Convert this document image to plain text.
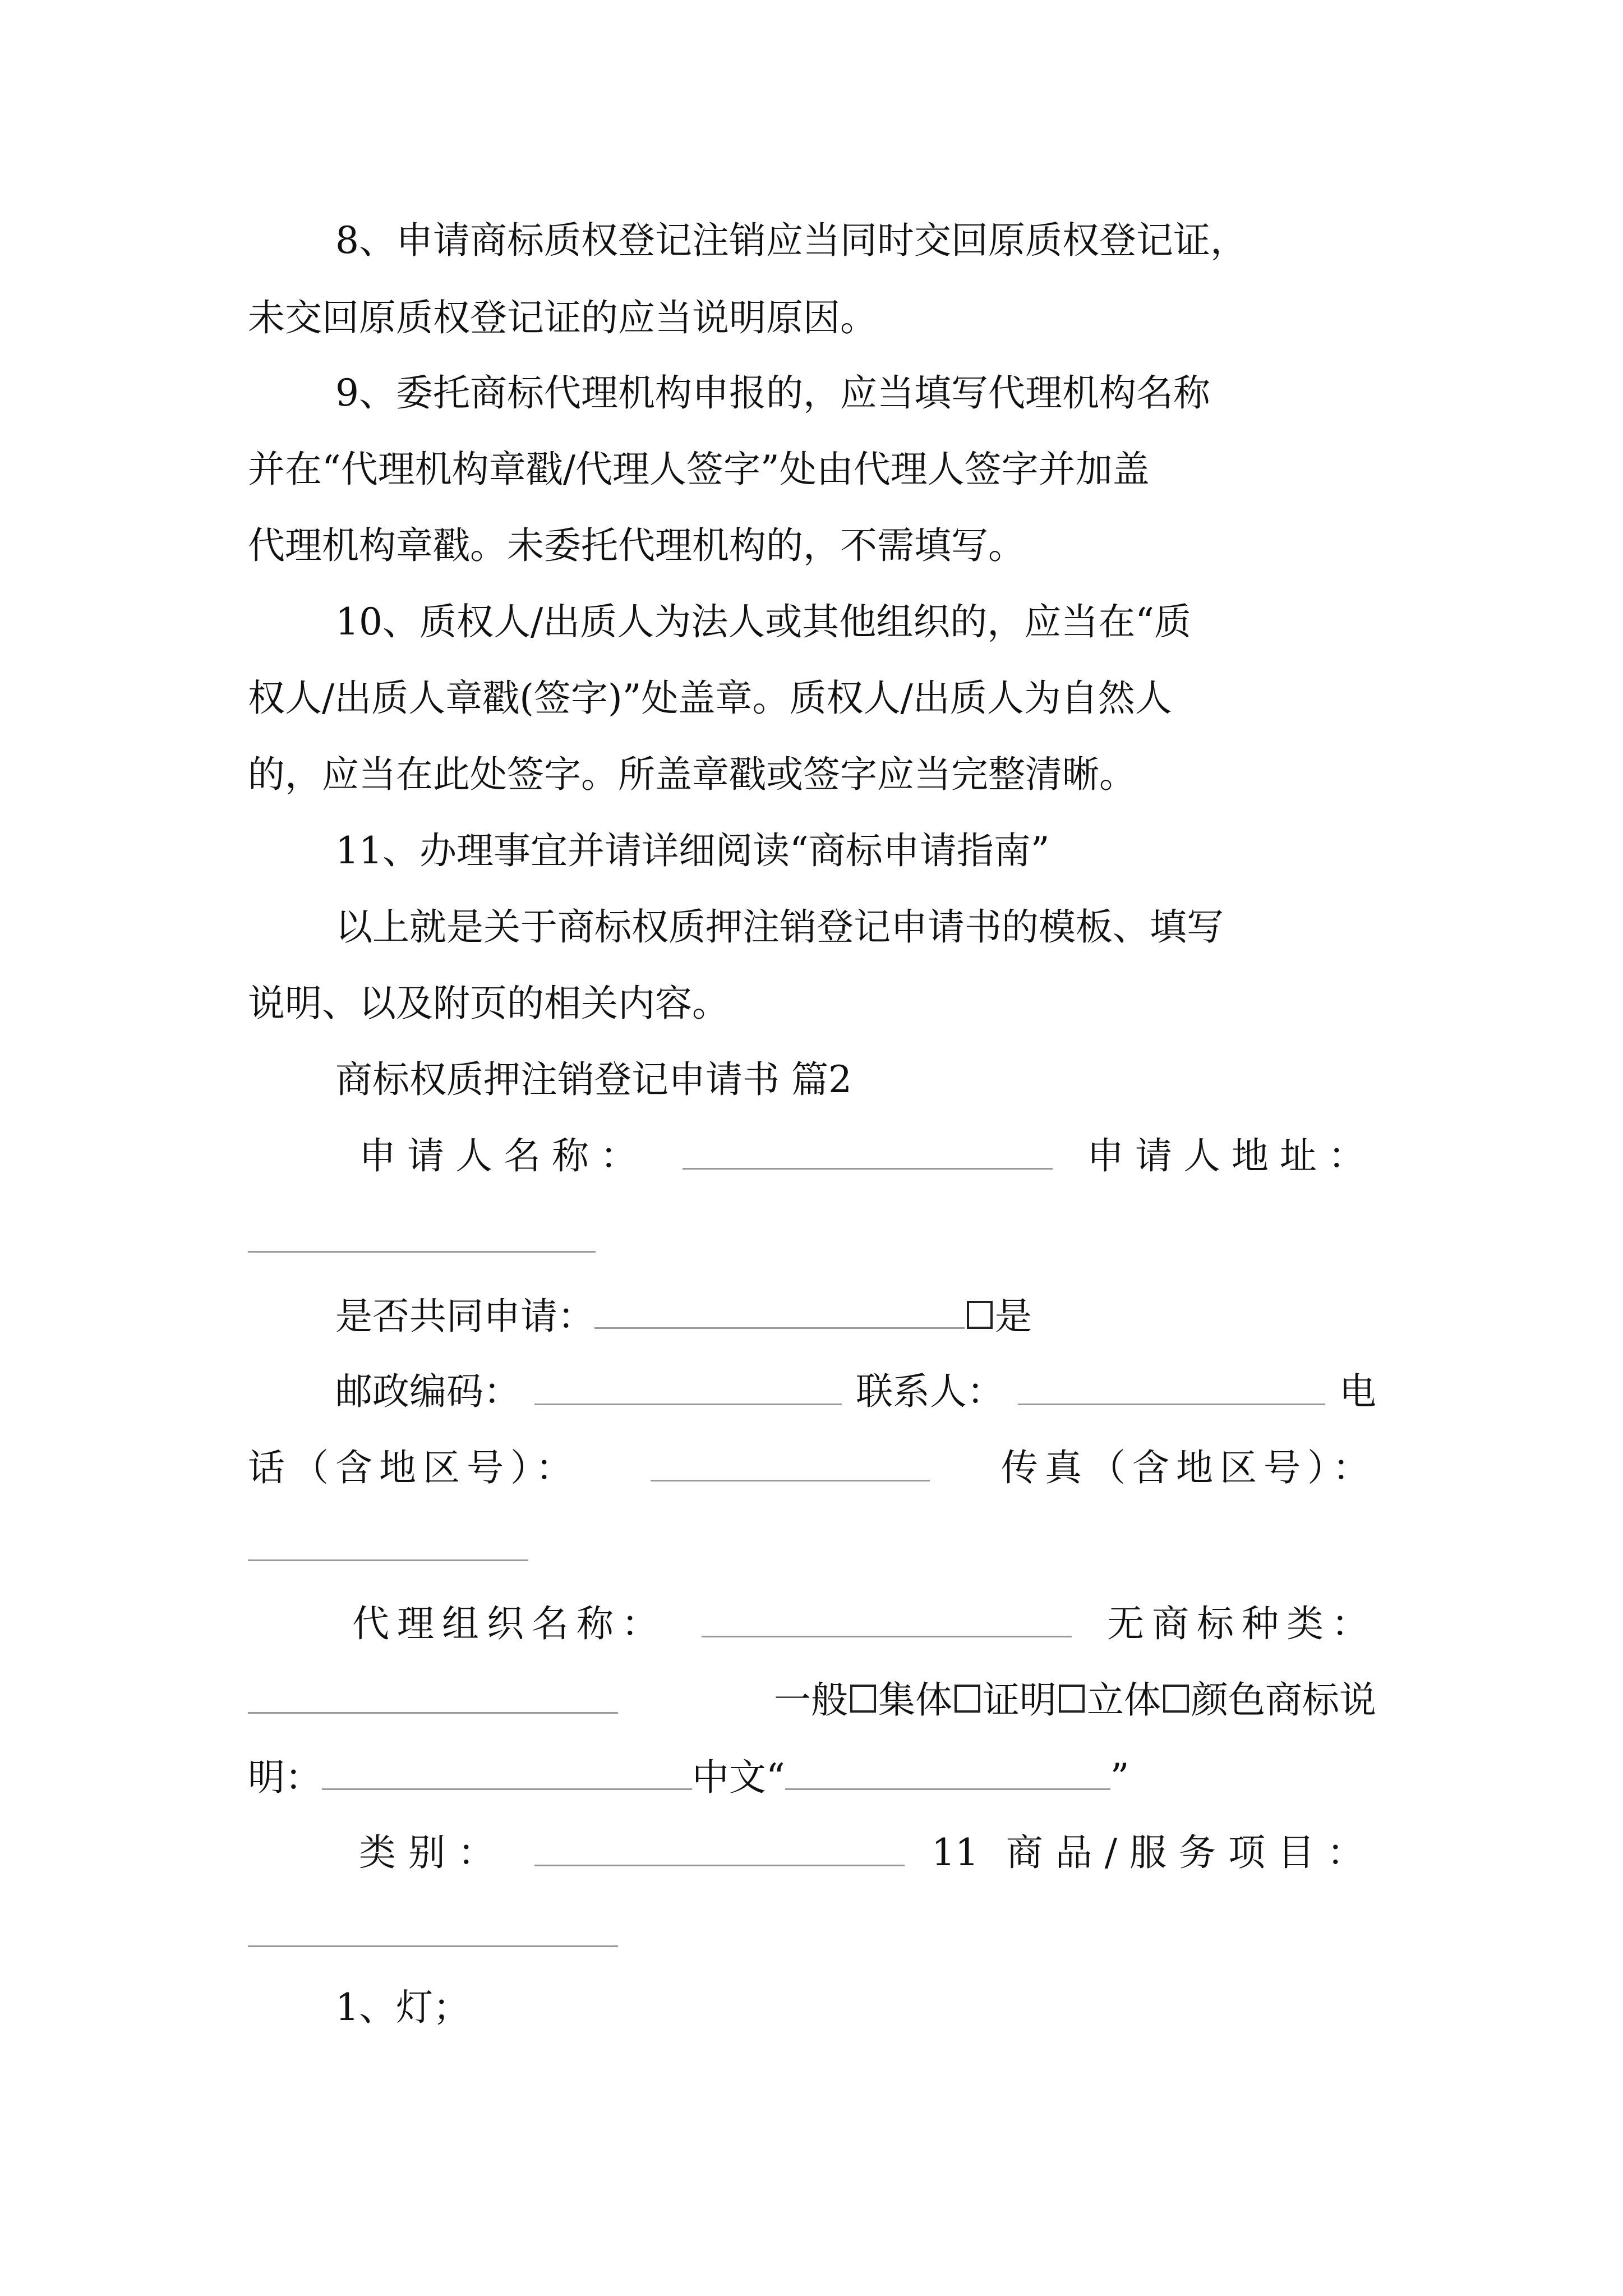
8、申请商标质权登记注销应当同时交回原质权登记证，
未交回原质权登记证的应当说明原因。
9、委托商标代理机构申报的，应当填写代理机构名称
并在“代理机构章戳/代理人签字”处由代理人签字并加盖
代理机构章戳。未委托代理机构的，不需填写。
10、质权人/出质人为法人或其他组织的，应当在“质
权人/出质人章戳(签字)”处盖章。质权人/出质人为自然人
的，应当在此处签字。所盖章戳或签字应当完整清晰。
11、办理事宜并请详细阅读“商标申请指南”
以上就是关于商标权质押注销登记申请书的模板、填写
说明、以及附页的相关内容。
商标权质押注销登记申请书 篇2
申请人名称：	申请人地址：
是否共同申请：	是
邮政编码：	联系人：	电
话（含地区号）：	传真（含地区号）：
代理组织名称：	无商标种类：
一般 集体 证明 立体 颜色商标说
明：	中文“	”
类别：	11 商品/服务项目：
1、灯；
